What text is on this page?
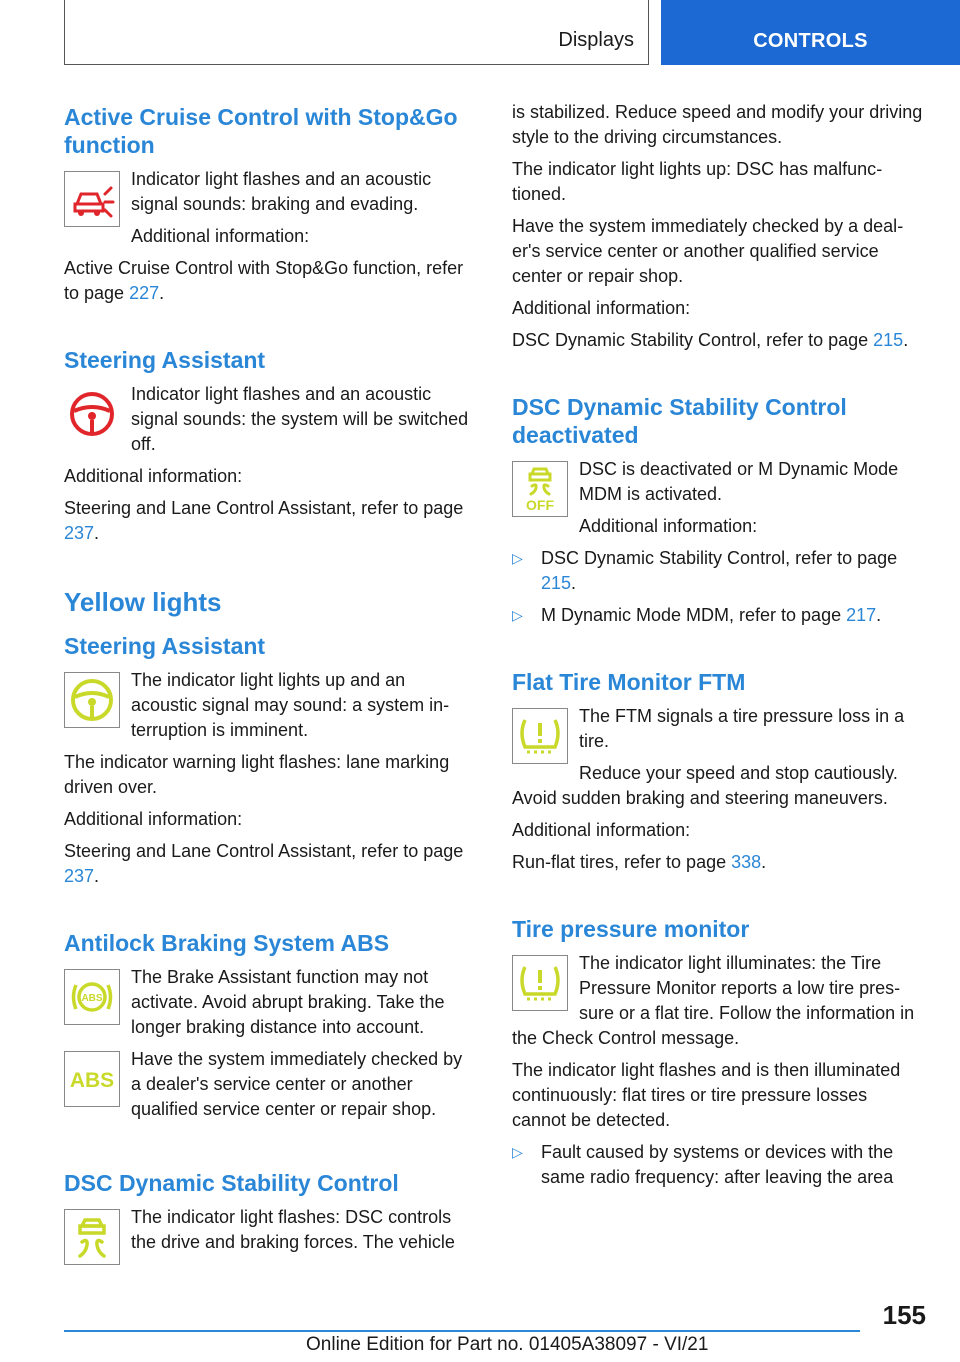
Displays	CONTROLS
Active Cruise Control with Stop&Go function

Indicator light flashes and an acoustic signal sounds: braking and evading.

Additional information:

Active Cruise Control with Stop&Go function, refer to page 227.

Steering Assistant

Indicator light flashes and an acoustic signal sounds: the system will be switched off.

Additional information:

Steering and Lane Control Assistant, refer to page 237.

Yellow lights
Steering Assistant

The indicator light lights up and an acoustic signal may sound: a system interruption is imminent.

The indicator warning light flashes: lane marking driven over.

Additional information:

Steering and Lane Control Assistant, refer to page 237.

Antilock Braking System ABS
ABS

The Brake Assistant function may not activate. Avoid abrupt braking. Take the longer braking distance into account.

ABS

Have the system immediately checked by a dealer's service center or another qualified service center or repair shop.

DSC Dynamic Stability Control

The indicator light flashes: DSC controls the drive and braking forces. The vehicle

is stabilized. Reduce speed and modify your driving style to the driving circumstances.

The indicator light lights up: DSC has malfunctioned.

Have the system immediately checked by a dealer's service center or another qualified service center or repair shop.

Additional information:

DSC Dynamic Stability Control, refer to page 215.

DSC Dynamic Stability Control deactivated
OFF

DSC is deactivated or M Dynamic Mode MDM is activated.

Additional information:

▷ DSC Dynamic Stability Control, refer to page 215.
▷ M Dynamic Mode MDM, refer to page 217.
Flat Tire Monitor FTM

The FTM signals a tire pressure loss in a tire.

Reduce your speed and stop cautiously. Avoid sudden braking and steering maneuvers.

Additional information:

Run-flat tires, refer to page 338.

Tire pressure monitor

The indicator light illuminates: the Tire Pressure Monitor reports a low tire pressure or a flat tire. Follow the information in the Check Control message.

The indicator light flashes and is then illuminated continuously: flat tires or tire pressure losses cannot be detected.

▷ Fault caused by systems or devices with the same radio frequency: after leaving the area
155
Online Edition for Part no. 01405A38097 - VI/21
